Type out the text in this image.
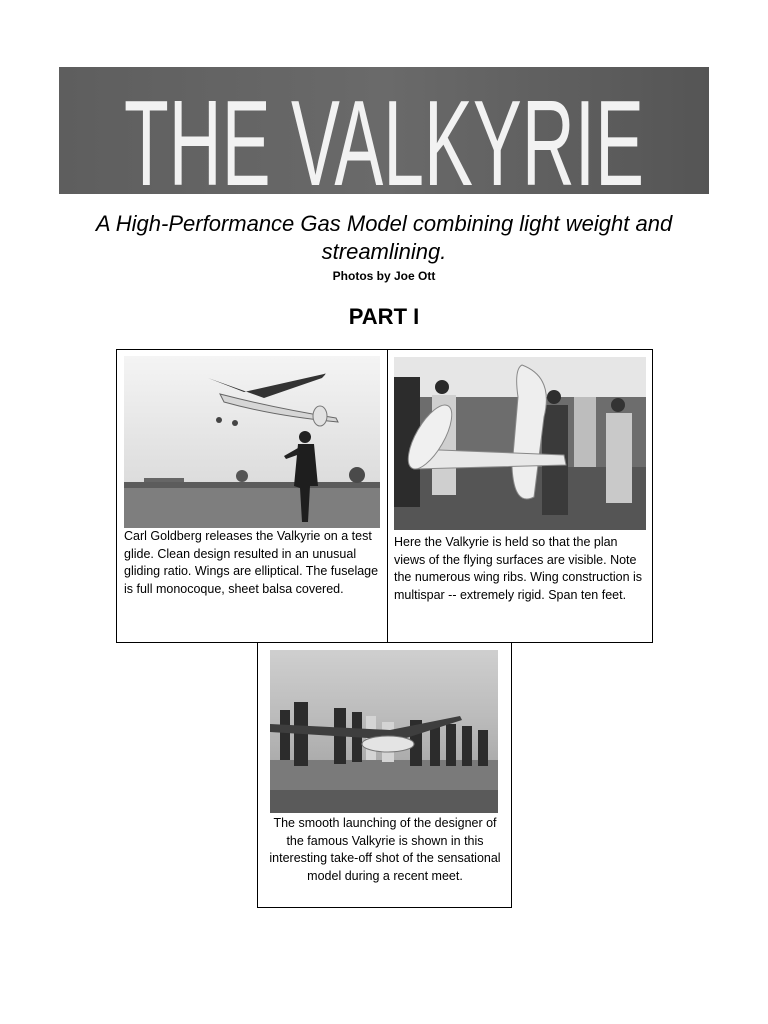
THE VALKYRIE
A High-Performance Gas Model combining light weight and streamlining.
Photos by Joe Ott
PART I
Carl Goldberg releases the Valkyrie on a test glide. Clean design resulted in an unusual gliding ratio. Wings are elliptical. The fuselage is full monocoque, sheet balsa covered.
Here the Valkyrie is held so that the plan views of the flying surfaces are visible. Note the numerous wing ribs. Wing construction is multispar -- extremely rigid. Span ten feet.
The smooth launching of the designer of the famous Valkyrie is shown in this interesting take-off shot of the sensational model during a recent meet.
